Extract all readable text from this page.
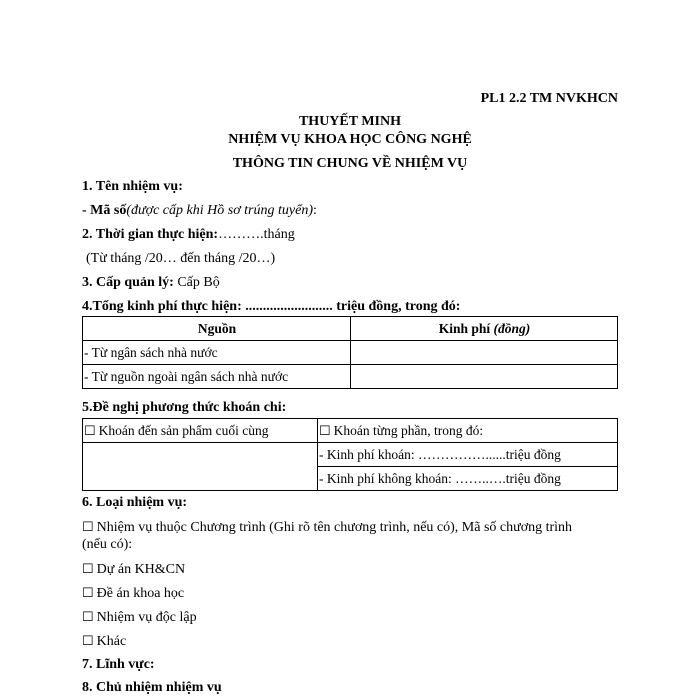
PL1 2.2 TM NVKHCN
THUYẾT MINH
NHIỆM VỤ KHOA HỌC CÔNG NGHỆ
THÔNG TIN CHUNG VỀ NHIỆM VỤ
1. Tên nhiệm vụ:
- Mã số(được cấp khi Hồ sơ trúng tuyển):
2. Thời gian thực hiện:……….tháng
(Từ tháng /20… đến tháng /20…)
3. Cấp quản lý: Cấp Bộ
4.Tổng kinh phí thực hiện: ......................... triệu đồng, trong đó:
Nguồn	Kinh phí (đồng)
- Từ ngân sách nhà nước	
- Từ nguồn ngoài ngân sách nhà nước	
5.Đề nghị phương thức khoán chi:
☐ Khoán đến sản phẩm cuối cùng	☐ Khoán từng phần, trong đó:
	- Kinh phí khoán: ……………......triệu đồng
	- Kinh phí không khoán: ……..….triệu đồng
6. Loại nhiệm vụ:
☐ Nhiệm vụ thuộc Chương trình (Ghi rõ tên chương trình, nếu có), Mã số chương trình
(nếu có):
☐ Dự án KH&CN
☐ Đề án khoa học
☐ Nhiệm vụ độc lập
☐ Khác
7. Lĩnh vực:
8. Chủ nhiệm nhiệm vụ
